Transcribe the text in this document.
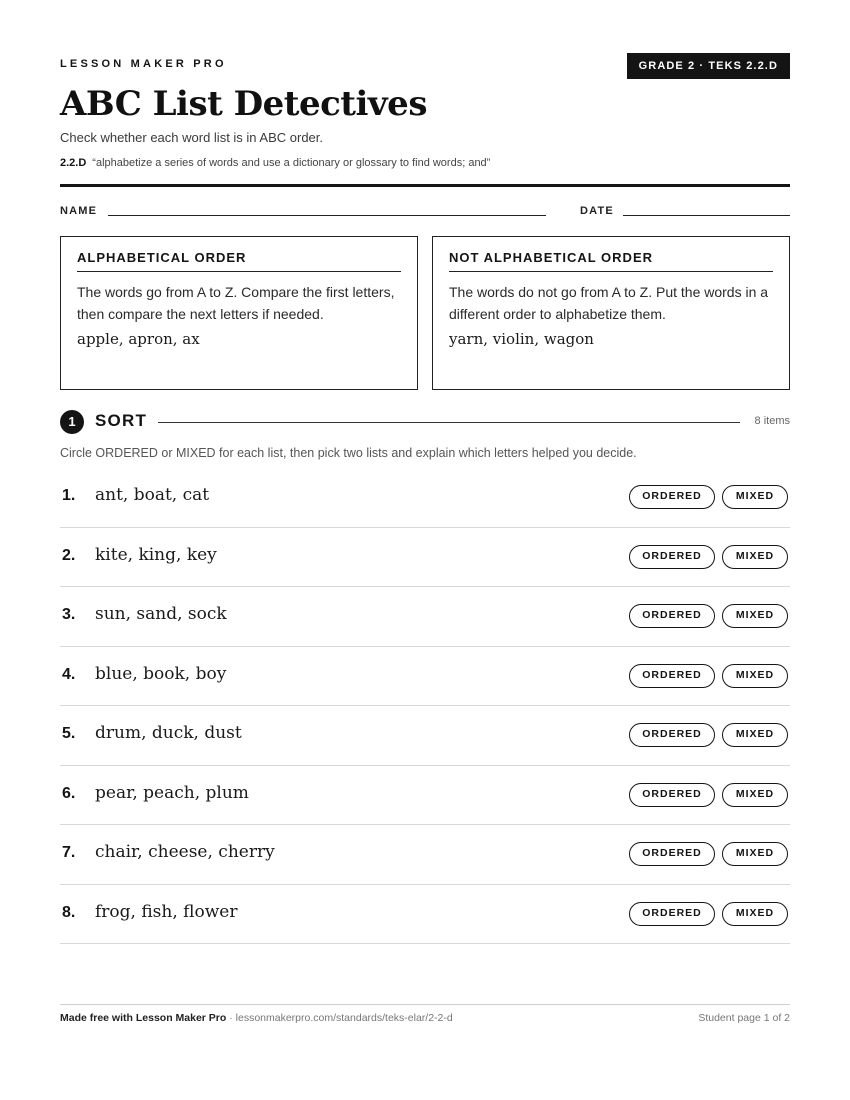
LESSON MAKER PRO	GRADE 2 · TEKS 2.2.D
ABC List Detectives
Check whether each word list is in ABC order.
2.2.D “alphabetize a series of words and use a dictionary or glossary to find words; and”
NAME	DATE
ALPHABETICAL ORDER
The words go from A to Z. Compare the first letters, then compare the next letters if needed.
apple, apron, ax
NOT ALPHABETICAL ORDER
The words do not go from A to Z. Put the words in a different order to alphabetize them.
yarn, violin, wagon
1	SORT	8 items
Circle ORDERED or MIXED for each list, then pick two lists and explain which letters helped you decide.
1. ant, boat, cat	ORDERED	MIXED
2. kite, king, key	ORDERED	MIXED
3. sun, sand, sock	ORDERED	MIXED
4. blue, book, boy	ORDERED	MIXED
5. drum, duck, dust	ORDERED	MIXED
6. pear, peach, plum	ORDERED	MIXED
7. chair, cheese, cherry	ORDERED	MIXED
8. frog, fish, flower	ORDERED	MIXED
Made free with Lesson Maker Pro · lessonmakerpro.com/standards/teks-elar/2-2-d	Student page 1 of 2
